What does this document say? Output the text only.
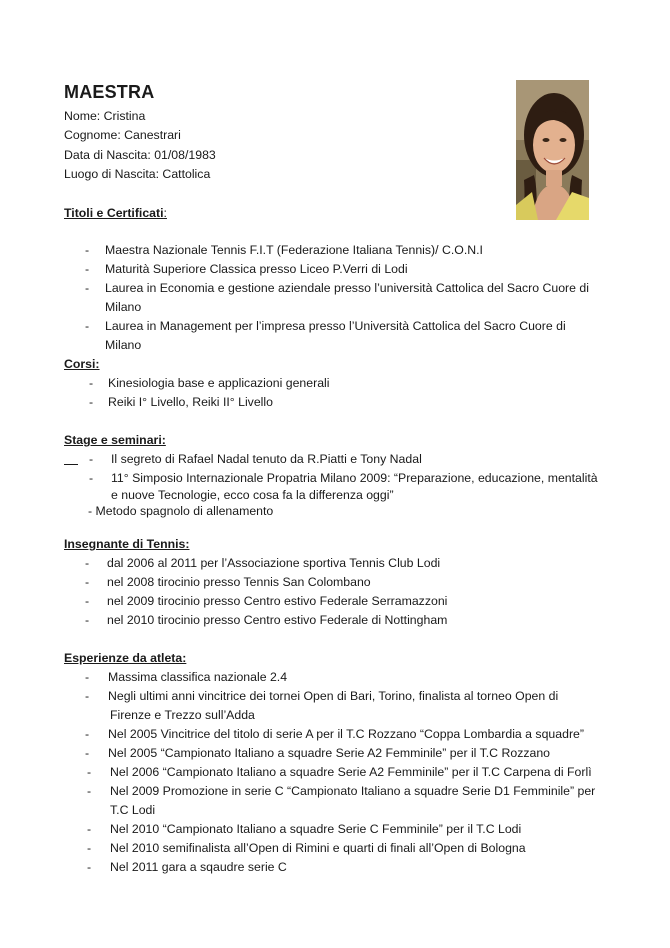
MAESTRA
Nome: Cristina
Cognome: Canestrari
Data di Nascita: 01/08/1983
Luogo di Nascita: Cattolica
Titoli e Certificati:
- Maestra Nazionale Tennis F.I.T (Federazione Italiana Tennis)/ C.O.N.I
- Maturità Superiore Classica presso Liceo P.Verri di Lodi
- Laurea in Economia e gestione aziendale presso l’università Cattolica del Sacro Cuore di
Milano
- Laurea in Management per l’impresa presso l’Università Cattolica del Sacro Cuore di
Milano
Corsi:
- Kinesiologia base e applicazioni generali
- Reiki I° Livello, Reiki II° Livello
Stage e seminari:
- Il segreto di Rafael Nadal tenuto da R.Piatti e Tony Nadal
- 11° Simposio Internazionale Propatria Milano 2009: “Preparazione, educazione, mentalità
e nuove Tecnologie, ecco cosa fa la differenza oggi”
- Metodo spagnolo di allenamento
Insegnante di Tennis:
- dal 2006 al 2011 per l’Associazione sportiva Tennis Club Lodi
- nel 2008 tirocinio presso Tennis San Colombano
- nel 2009 tirocinio presso Centro estivo Federale Serramazzoni
- nel 2010 tirocinio presso Centro estivo Federale di Nottingham
Esperienze da atleta:
- Massima classifica nazionale 2.4
- Negli ultimi anni vincitrice dei tornei Open di Bari, Torino, finalista al torneo Open di
Firenze e Trezzo sull’Adda
- Nel 2005 Vincitrice del titolo di serie A per il T.C Rozzano “Coppa Lombardia a squadre”
- Nel 2005 “Campionato Italiano a squadre Serie A2 Femminile” per il T.C Rozzano
- Nel 2006 “Campionato Italiano a squadre Serie A2 Femminile” per il T.C Carpena di Forlì
- Nel 2009 Promozione in serie C “Campionato Italiano a squadre Serie D1 Femminile” per
T.C Lodi
- Nel 2010 “Campionato Italiano a squadre Serie C Femminile” per il T.C Lodi
- Nel 2010 semifinalista all’Open di Rimini e quarti di finali all’Open di Bologna
- Nel 2011 gara a sqaudre serie C
